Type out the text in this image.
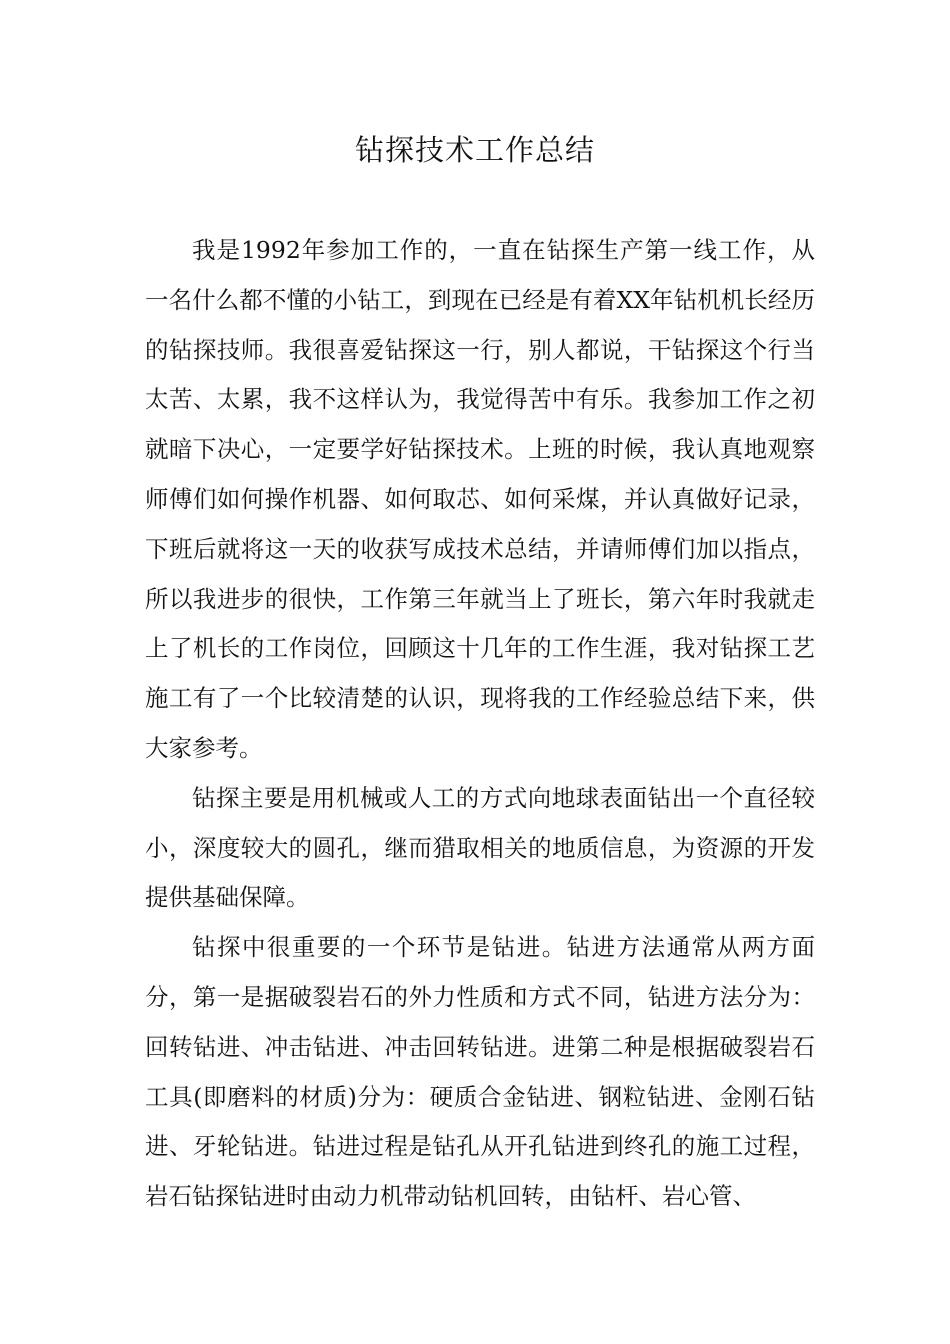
钻探技术工作总结

我是1992年参加工作的，一直在钻探生产第一线工作，从一名什么都不懂的小钻工，到现在已经是有着XX年钻机机长经历的钻探技师。我很喜爱钻探这一行，别人都说，干钻探这个行当太苦、太累，我不这样认为，我觉得苦中有乐。我参加工作之初就暗下决心，一定要学好钻探技术。上班的时候，我认真地观察师傅们如何操作机器、如何取芯、如何采煤，并认真做好记录，下班后就将这一天的收获写成技术总结，并请师傅们加以指点，所以我进步的很快，工作第三年就当上了班长，第六年时我就走上了机长的工作岗位，回顾这十几年的工作生涯，我对钻探工艺施工有了一个比较清楚的认识，现将我的工作经验总结下来，供大家参考。

钻探主要是用机械或人工的方式向地球表面钻出一个直径较小，深度较大的圆孔，继而猎取相关的地质信息，为资源的开发提供基础保障。

钻探中很重要的一个环节是钻进。钻进方法通常从两方面分，第一是据破裂岩石的外力性质和方式不同，钻进方法分为：回转钻进、冲击钻进、冲击回转钻进。进第二种是根据破裂岩石工具(即磨料的材质)分为：硬质合金钻进、钢粒钻进、金刚石钻进、牙轮钻进。钻进过程是钻孔从开孔钻进到终孔的施工过程，岩石钻探钻进时由动力机带动钻机回转，由钻杆、岩心管、
